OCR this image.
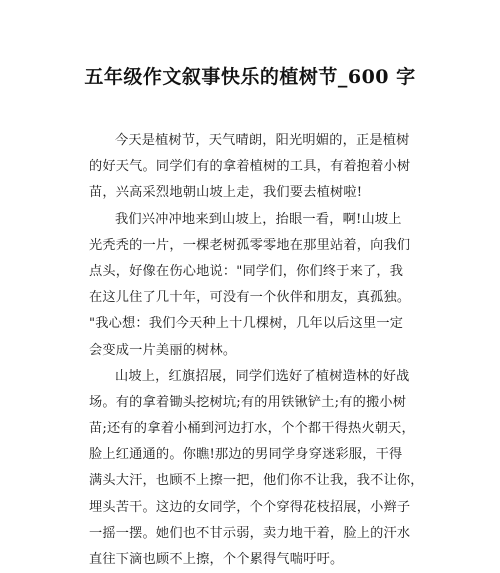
五年级作文叙事快乐的植树节_600 字
今天是植树节，天气晴朗，阳光明媚的，正是植树
的好天气。同学们有的拿着植树的工具，有着抱着小树
苗，兴高采烈地朝山坡上走，我们要去植树啦!
我们兴冲冲地来到山坡上，抬眼一看，啊!山坡上
光秃秃的一片，一棵老树孤零零地在那里站着，向我们
点头，好像在伤心地说："同学们，你们终于来了，我
在这儿住了几十年，可没有一个伙伴和朋友，真孤独。
"我心想：我们今天种上十几棵树，几年以后这里一定
会变成一片美丽的树林。
山坡上，红旗招展，同学们选好了植树造林的好战
场。有的拿着锄头挖树坑;有的用铁锹铲土;有的搬小树
苗;还有的拿着小桶到河边打水，个个都干得热火朝天，
脸上红通通的。你瞧!那边的男同学身穿迷彩服，干得
满头大汗，也顾不上擦一把，他们你不让我，我不让你，
埋头苦干。这边的女同学，个个穿得花枝招展，小辫子
一摇一摆。她们也不甘示弱，卖力地干着，脸上的汗水
直往下滴也顾不上擦，个个累得气喘吁吁。
